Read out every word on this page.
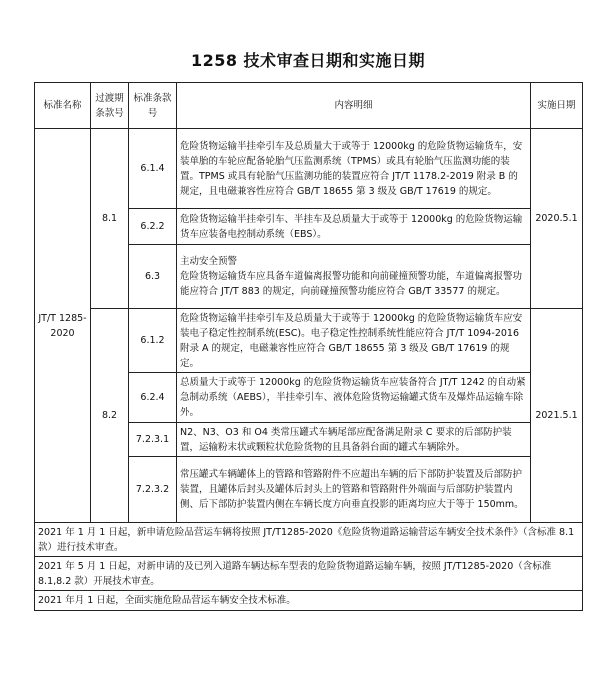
1258 技术审查日期和实施日期
标准名称	过渡期条款号	标准条款号	内容明细	实施日期
JT/T 1285-2020	8.1	6.1.4	危险货物运输半挂牵引车及总质量大于或等于 12000kg 的危险货物运输货车，安装单胎的车轮应配备轮胎气压监测系统（TPMS）或具有轮胎气压监测功能的装置。TPMS 或具有轮胎气压监测功能的装置应符合 JT/T 1178.2-2019 附录 B 的规定，且电磁兼容性应符合 GB/T 18655 第 3 级及 GB/T 17619 的规定。	2020.5.1
		6.2.2	危险货物运输半挂牵引车、半挂车及总质量大于或等于 12000kg 的危险货物运输货车应装备电控制动系统（EBS）。	
		6.3	主动安全预警
危险货物运输货车应具备车道偏离报警功能和向前碰撞预警功能，车道偏离报警功能应符合 JT/T 883 的规定，向前碰撞预警功能应符合 GB/T 33577 的规定。	
	8.2	6.1.2	危险货物运输半挂牵引车及总质量大于或等于 12000kg 的危险货物运输货车应安装电子稳定性控制系统(ESC)。电子稳定性控制系统性能应符合 JT/T 1094-2016 附录 A 的规定，电磁兼容性应符合 GB/T 18655 第 3 级及 GB/T 17619 的规定。	2021.5.1
		6.2.4	总质量大于或等于 12000kg 的危险货物运输货车应装备符合 JT/T 1242 的自动紧急制动系统（AEBS），半挂牵引车、液体危险货物运输罐式货车及爆炸品运输车除外。	
		7.2.3.1	N2、N3、O3 和 O4 类常压罐式车辆尾部应配备满足附录 C 要求的后部防护装置，运输粉末状或颗粒状危险货物的且具备斜台面的罐式车辆除外。	
		7.2.3.2	常压罐式车辆罐体上的管路和管路附件不应超出车辆的后下部防护装置及后部防护装置，且罐体后封头及罐体后封头上的管路和管路附件外端面与后部防护装置内侧、后下部防护装置内侧在车辆长度方向垂直投影的距离均应大于等于 150mm。	
2021 年 1 月 1 日起，新申请危险品营运车辆将按照 JT/T1285-2020《危险货物道路运输营运车辆安全技术条件》（含标准 8.1 款）进行技术审查。				
2021 年 5 月 1 日起，对新申请的及已列入道路车辆达标车型表的危险货物道路运输车辆，按照 JT/T1285-2020（含标准 8.1,8.2 款）开展技术审查。				
2021 年月 1 日起，全面实施危险品营运车辆安全技术标准。				
